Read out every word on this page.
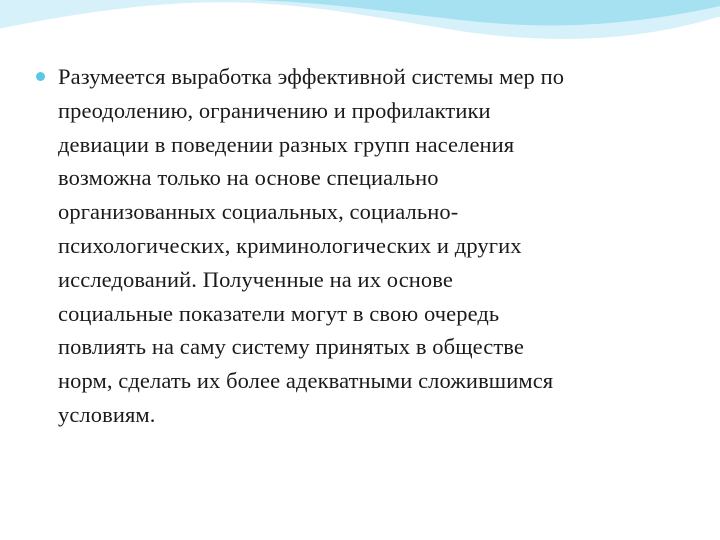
Разумеется выработка эффективной системы мер по
преодолению, ограничению и профилактики
девиации в поведении разных групп населения
возможна только на основе специально
организованных социальных, социально-
психологических, криминологических и других
исследований. Полученные на их основе
социальные показатели могут в свою очередь
повлиять на саму систему принятых в обществе
норм, сделать их более адекватными сложившимся
условиям.
